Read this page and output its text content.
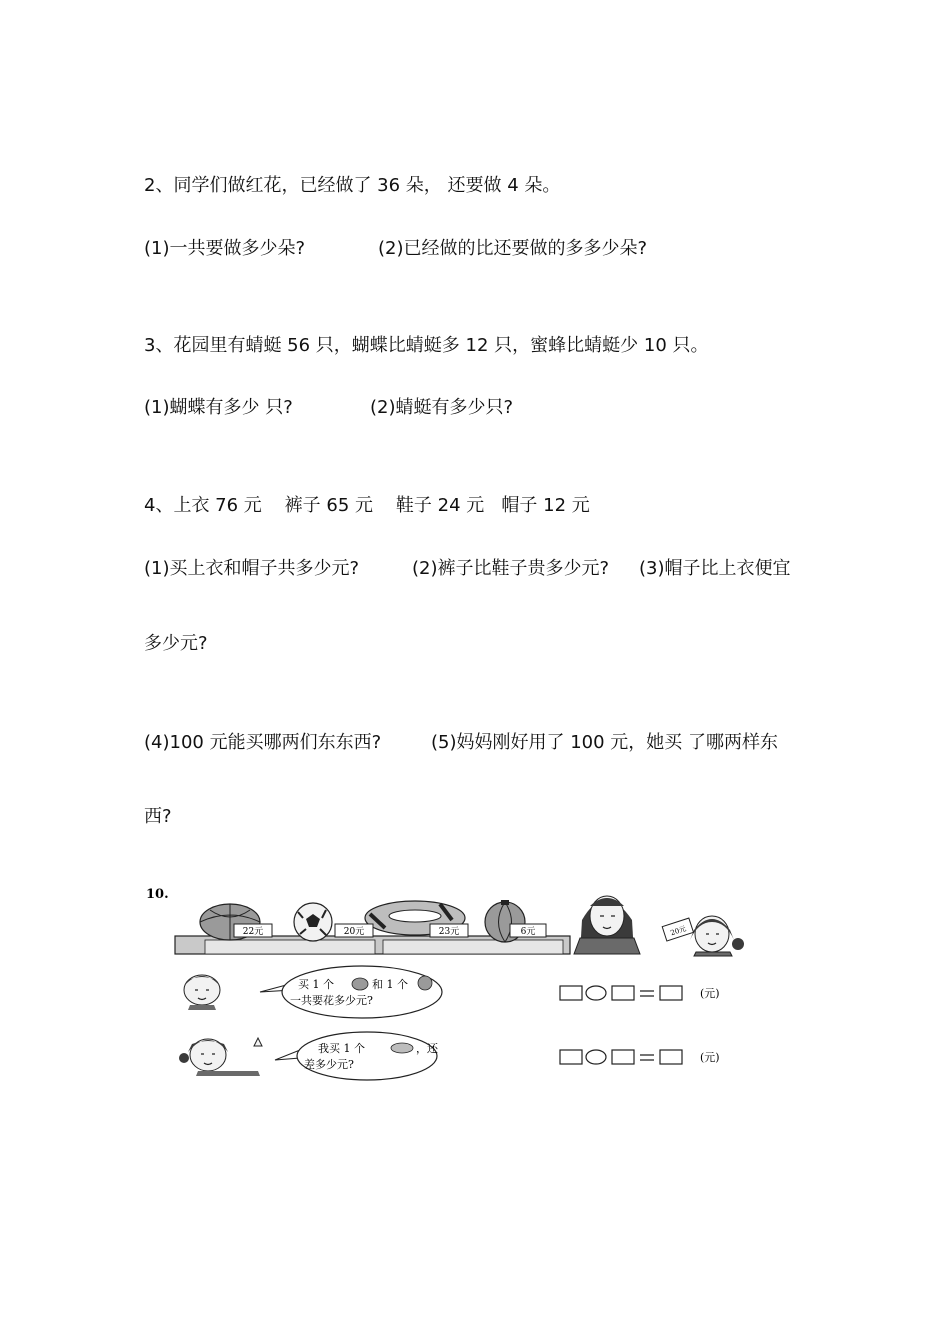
2、同学们做红花，已经做了 36 朵， 还要做 4 朵。
(1)一共要做多少朵?	(2)已经做的比还要做的多多少朵?
3、花园里有蜻蜓 56 只，蝴蝶比蜻蜓多 12 只，蜜蜂比蜻蜓少 10 只。
(1)蝴蝶有多少 只?	(2)蜻蜓有多少只?
4、上衣 76 元    裤子 65 元    鞋子 24 元   帽子 12 元
(1)买上衣和帽子共多少元?	(2)裤子比鞋子贵多少元? (3)帽子比上衣便宜
多少元?
(4)100 元能买哪两们东东西?	(5)妈妈刚好用了 100 元，她买 了哪两样东
西?
10.
22元	20元	23元	6元	20元
买 1 个	和 1 个
一共要花多少元?
(元)
我买 1 个	，还
差多少元?
(元)
